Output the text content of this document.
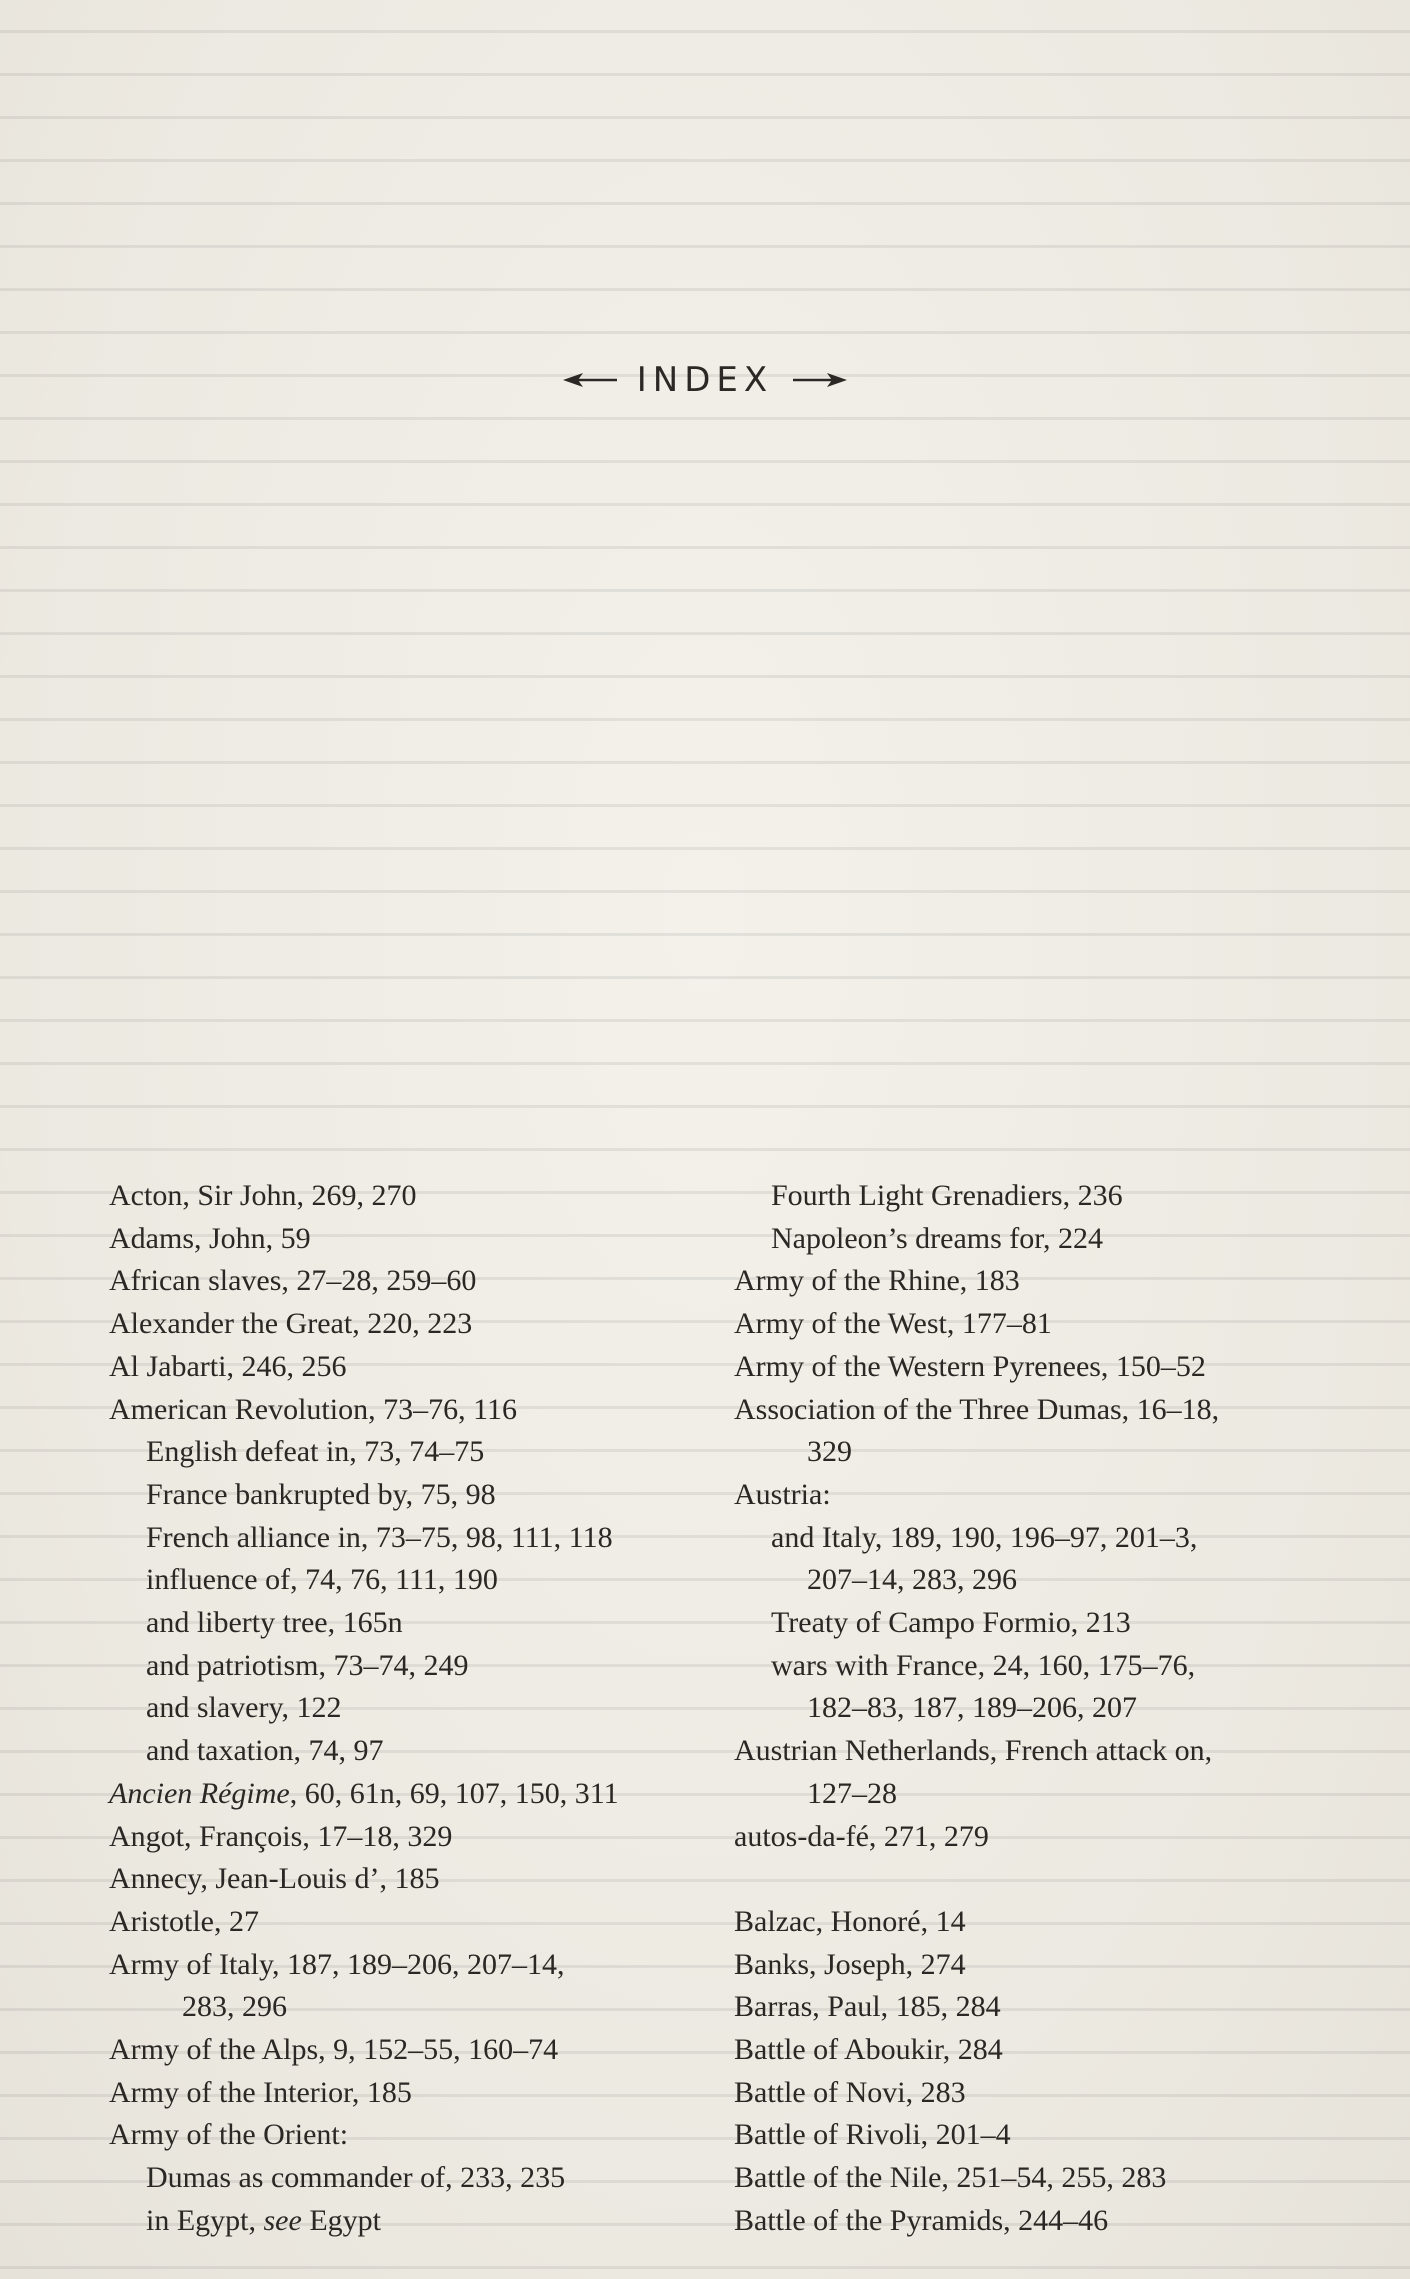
INDEX
Acton, Sir John, 269, 270
Adams, John, 59
African slaves, 27–28, 259–60
Alexander the Great, 220, 223
Al Jabarti, 246, 256
American Revolution, 73–76, 116
English defeat in, 73, 74–75
France bankrupted by, 75, 98
French alliance in, 73–75, 98, 111, 118
influence of, 74, 76, 111, 190
and liberty tree, 165n
and patriotism, 73–74, 249
and slavery, 122
and taxation, 74, 97
Ancien Régime, 60, 61n, 69, 107, 150, 311
Angot, François, 17–18, 329
Annecy, Jean-Louis d’, 185
Aristotle, 27
Army of Italy, 187, 189–206, 207–14,
283, 296
Army of the Alps, 9, 152–55, 160–74
Army of the Interior, 185
Army of the Orient:
Dumas as commander of, 233, 235
in Egypt, see Egypt
Fourth Light Grenadiers, 236
Napoleon’s dreams for, 224
Army of the Rhine, 183
Army of the West, 177–81
Army of the Western Pyrenees, 150–52
Association of the Three Dumas, 16–18,
329
Austria:
and Italy, 189, 190, 196–97, 201–3,
207–14, 283, 296
Treaty of Campo Formio, 213
wars with France, 24, 160, 175–76,
182–83, 187, 189–206, 207
Austrian Netherlands, French attack on,
127–28
autos-da-fé, 271, 279
Balzac, Honoré, 14
Banks, Joseph, 274
Barras, Paul, 185, 284
Battle of Aboukir, 284
Battle of Novi, 283
Battle of Rivoli, 201–4
Battle of the Nile, 251–54, 255, 283
Battle of the Pyramids, 244–46
